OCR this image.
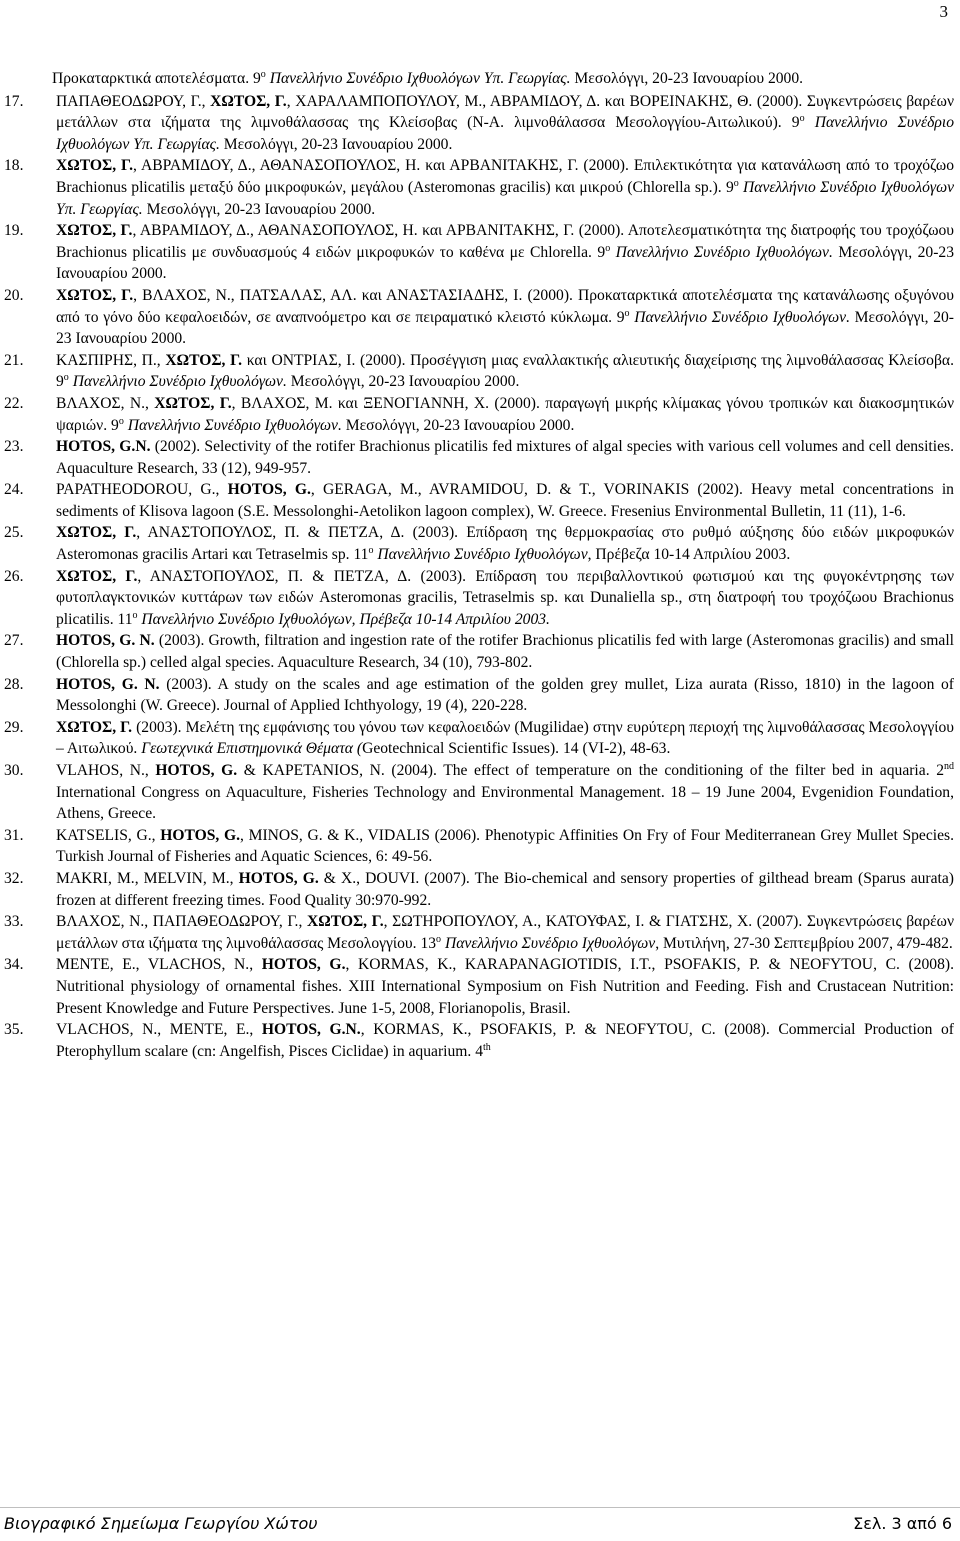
3
Προκαταρκτικά αποτελέσματα. $9^o$ Πανελλήνιο Συνέδριο Ιχθυολόγων Υπ. Γεωργίας. Μεσολόγγι, 20-23 Ιανουαρίου 2000.
17.	ΠΑΠΑΘΕΟΔΩΡΟΥ, Γ., ΧΩΤΟΣ, Γ., ΧΑΡΑΛΑΜΠΟΠΟΥΛΟΥ, Μ., ΑΒΡΑΜΙΔΟΥ, Δ. και ΒΟΡΕΙΝΑΚΗΣ, Θ. (2000). Συγκεντρώσεις βαρέων μετάλλων στα ιζήματα της λιμνοθάλασσας της Κλείσοβας (N-A. λιμνοθάλασσα Μεσολογγίου-Αιτωλικού). $9^o$ Πανελλήνιο Συνέδριο Ιχθυολόγων Υπ. Γεωργίας. Μεσολόγγι, 20-23 Ιανουαρίου 2000.
18.	ΧΩΤΟΣ, Γ., ΑΒΡΑΜΙΔΟΥ, Δ., ΑΘΑΝΑΣΟΠΟΥΛΟΣ, Η. και ΑΡΒΑΝΙΤΑΚΗΣ, Γ. (2000). Επιλεκτικότητα για κατανάλωση από το τροχόζωο Brachionus plicatilis μεταξύ δύο μικροφυκών, μεγάλου (Asteromonas gracilis) και μικρού (Chlorella sp.). $9^o$ Πανελλήνιο Συνέδριο Ιχθυολόγων Υπ. Γεωργίας. Μεσολόγγι, 20-23 Ιανουαρίου 2000.
19.	ΧΩΤΟΣ, Γ., ΑΒΡΑΜΙΔΟΥ, Δ., ΑΘΑΝΑΣΟΠΟΥΛΟΣ, Η. και ΑΡΒΑΝΙΤΑΚΗΣ, Γ. (2000). Αποτελεσματικότητα της διατροφής του τροχόζωου Brachionus plicatilis με συνδυασμούς 4 ειδών μικροφυκών το καθένα με Chlorella. $9^o$ Πανελλήνιο Συνέδριο Ιχθυολόγων. Μεσολόγγι, 20-23 Ιανουαρίου 2000.
20.	ΧΩΤΟΣ, Γ., ΒΛΑΧΟΣ, Ν., ΠΑΤΣΑΛΑΣ, ΑΛ. και ΑΝΑΣΤΑΣΙΑΔΗΣ, Ι. (2000). Προκαταρκτικά αποτελέσματα της κατανάλωσης οξυγόνου από το γόνο δύο κεφαλοειδών, σε αναπνοόμετρο και σε πειραματικό κλειστό κύκλωμα. $9^o$ Πανελλήνιο Συνέδριο Ιχθυολόγων. Μεσολόγγι, 20-23 Ιανουαρίου 2000.
21.	ΚΑΣΠΙΡΗΣ, Π., ΧΩΤΟΣ, Γ. και ΟΝΤΡΙΑΣ, Ι. (2000). Προσέγγιση μιας εναλλακτικής αλιευτικής διαχείρισης της λιμνοθάλασσας Κλείσοβα. $9^o$ Πανελλήνιο Συνέδριο Ιχθυολόγων. Μεσολόγγι, 20-23 Ιανουαρίου 2000.
22.	ΒΛΑΧΟΣ, Ν., ΧΩΤΟΣ, Γ., ΒΛΑΧΟΣ, Μ. και ΞΕΝΟΓΙΑΝΝΗ, Χ. (2000). παραγωγή μικρής κλίμακας γόνου τροπικών και διακοσμητικών ψαριών. $9^o$ Πανελλήνιο Συνέδριο Ιχθυολόγων. Μεσολόγγι, 20-23 Ιανουαρίου 2000.
23.	HOTOS, G.N. (2002). Selectivity of the rotifer Brachionus plicatilis fed mixtures of algal species with various cell volumes and cell densities. Aquaculture Research, 33 (12), 949-957.
24.	PAPATHEODOROU, G., HOTOS, G., GERAGA, M., AVRAMIDOU, D. & T., VORINAKIS (2002). Heavy metal concentrations in sediments of Klisova lagoon (S.E. Messolonghi-Aetolikon lagoon complex), W. Greece. Fresenius Environmental Bulletin, 11 (11), 1-6.
25.	ΧΩΤΟΣ, Γ., ΑΝΑΣΤΟΠΟΥΛΟΣ, Π. & ΠΕΤΖΑ, Δ. (2003). Επίδραση της θερμοκρασίας στο ρυθμό αύξησης δύο ειδών μικροφυκών Asteromonas gracilis Artari και Tetraselmis sp. $11^o$ Πανελλήνιο Συνέδριο Ιχθυολόγων, Πρέβεζα 10-14 Απριλίου 2003.
26.	ΧΩΤΟΣ, Γ., ΑΝΑΣΤΟΠΟΥΛΟΣ, Π. & ΠΕΤΖΑ, Δ. (2003). Επίδραση του περιβαλλοντικού φωτισμού και της φυγοκέντρησης των φυτοπλαγκτονικών κυττάρων των ειδών Asteromonas gracilis, Tetraselmis sp. και Dunaliella sp., στη διατροφή του τροχόζωου Brachionus plicatilis. $11^o$ Πανελλήνιο Συνέδριο Ιχθυολόγων, Πρέβεζα 10-14 Απριλίου 2003.
27.	HOTOS, G. N. (2003). Growth, filtration and ingestion rate of the rotifer Brachionus plicatilis fed with large (Asteromonas gracilis) and small (Chlorella sp.) celled algal species. Aquaculture Research, 34 (10), 793-802.
28.	HOTOS, G. N. (2003). A study on the scales and age estimation of the golden grey mullet, Liza aurata (Risso, 1810) in the lagoon of Messolonghi (W. Greece). Journal of Applied Ichthyology, 19 (4), 220-228.
29.	ΧΩΤΟΣ, Γ. (2003). Μελέτη της εμφάνισης του γόνου των κεφαλοειδών (Mugilidae) στην ευρύτερη περιοχή της λιμνοθάλασσας Μεσολογγίου – Αιτωλικού. Γεωτεχνικά Επιστημονικά Θέματα (Geotechnical Scientific Issues). 14 (VI-2), 48-63.
30.	VLAHOS, N., HOTOS, G. & KAPETANIOS, N. (2004). The effect of temperature on the conditioning of the filter bed in aquaria. 2nd International Congress on Aquaculture, Fisheries Technology and Environmental Management. 18 – 19 June 2004, Evgenidion Foundation, Athens, Greece.
31.	KATSELIS, G., HOTOS, G., MINOS, G. & K., VIDALIS (2006). Phenotypic Affinities On Fry of Four Mediterranean Grey Mullet Species. Turkish Journal of Fisheries and Aquatic Sciences, 6: 49-56.
32.	MAKRI, M., MELVIN, M., HOTOS, G. & X., DOUVI. (2007). The Bio-chemical and sensory properties of gilthead bream (Sparus aurata) frozen at different freezing times. Food Quality 30:970-992.
33.	ΒΛΑΧΟΣ, Ν., ΠΑΠΑΘΕΟΔΩΡΟΥ, Γ., ΧΩΤΟΣ, Γ., ΣΩΤΗΡΟΠΟΥΛΟΥ, Α., ΚΑΤΟΥΦΑΣ, Ι. & ΓΙΑΤΣΗΣ, Χ. (2007). Συγκεντρώσεις βαρέων μετάλλων στα ιζήματα της λιμνοθάλασσας Μεσολογγίου. $13^o$ Πανελλήνιο Συνέδριο Ιχθυολόγων, Μυτιλήνη, 27-30 Σεπτεμβρίου 2007, 479-482.
34.	MENTE, E., VLACHOS, N., HOTOS, G., KORMAS, K., KARAPANAGIOTIDIS, I.T., PSOFAKIS, P. & NEOFYTOU, C. (2008). Nutritional physiology of ornamental fishes. XIII International Symposium on Fish Nutrition and Feeding. Fish and Crustacean Nutrition: Present Knowledge and Future Perspectives. June 1-5, 2008, Florianopolis, Brasil.
35.	VLACHOS, N., MENTE, E., HOTOS, G.N., KORMAS, K., PSOFAKIS, P. & NEOFYTOU, C. (2008). Commercial Production of Pterophyllum scalare (cn: Angelfish, Pisces Ciclidae) in aquarium. 4th
Βιογραφικό Σημείωμα Γεωργίου Χώτου	Σελ. 3 από 6
